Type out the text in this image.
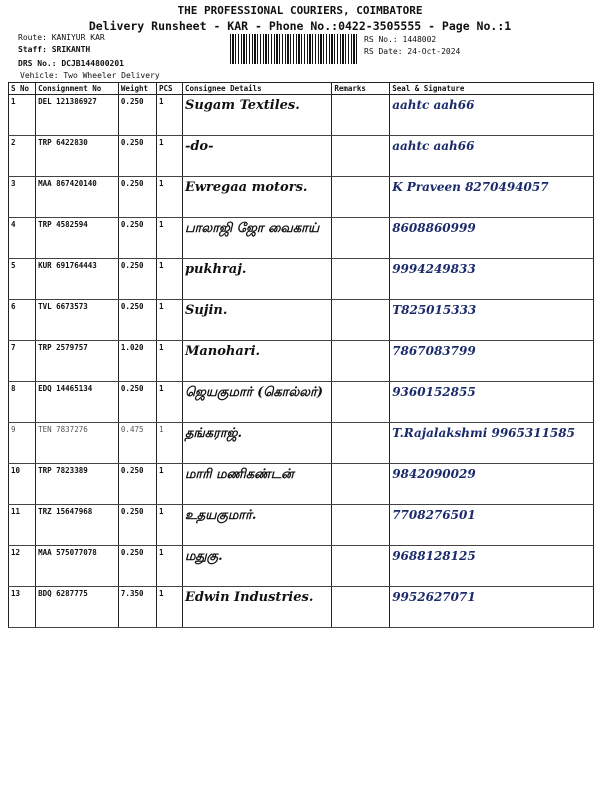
THE PROFESSIONAL COURIERS, COIMBATORE
Delivery Runsheet - KAR - Phone No.:0422-3505555 - Page No.:1
Route: KANIYUR KAR
Staff: SRIKANTH
DRS No.: DCJB144800201
Vehicle: Two Wheeler Delivery
RS No.: 1448002
RS Date: 24-Oct-2024
S No	Consignment No	Weight	PCS	Consignee Details	Remarks	Seal & Signature
1	DEL 121386927	0.250	1	Sugam Textiles.		aahtc aah66
2	TRP 6422830	0.250	1	-do-		aahtc aah66
3	MAA 867420140	0.250	1	Ewregaa motors.		K Praveen 8270494057
4	TRP 4582594	0.250	1	பாலாஜி ஜோ வைகாய்		8608860999
5	KUR 691764443	0.250	1	pukhraj.		9994249833
6	TVL 6673573	0.250	1	Sujin.		T825015333
7	TRP 2579757	1.020	1	Manohari.		7867083799
8	EDQ 14465134	0.250	1	ஜெயகுமார் (கொல்லர்)		9360152855
9	TEN 7837276	0.475	1	தங்கராஜ்.		T.Rajalakshmi 9965311585
10	TRP 7823389	0.250	1	மாரி மணிகண்டன்		9842090029
11	TRZ 15647968	0.250	1	உதயகுமார்.		7708276501
12	MAA 575077078	0.250	1	மதுகு.		9688128125
13	BDQ 6287775	7.350	1	Edwin Industries.		9952627071
